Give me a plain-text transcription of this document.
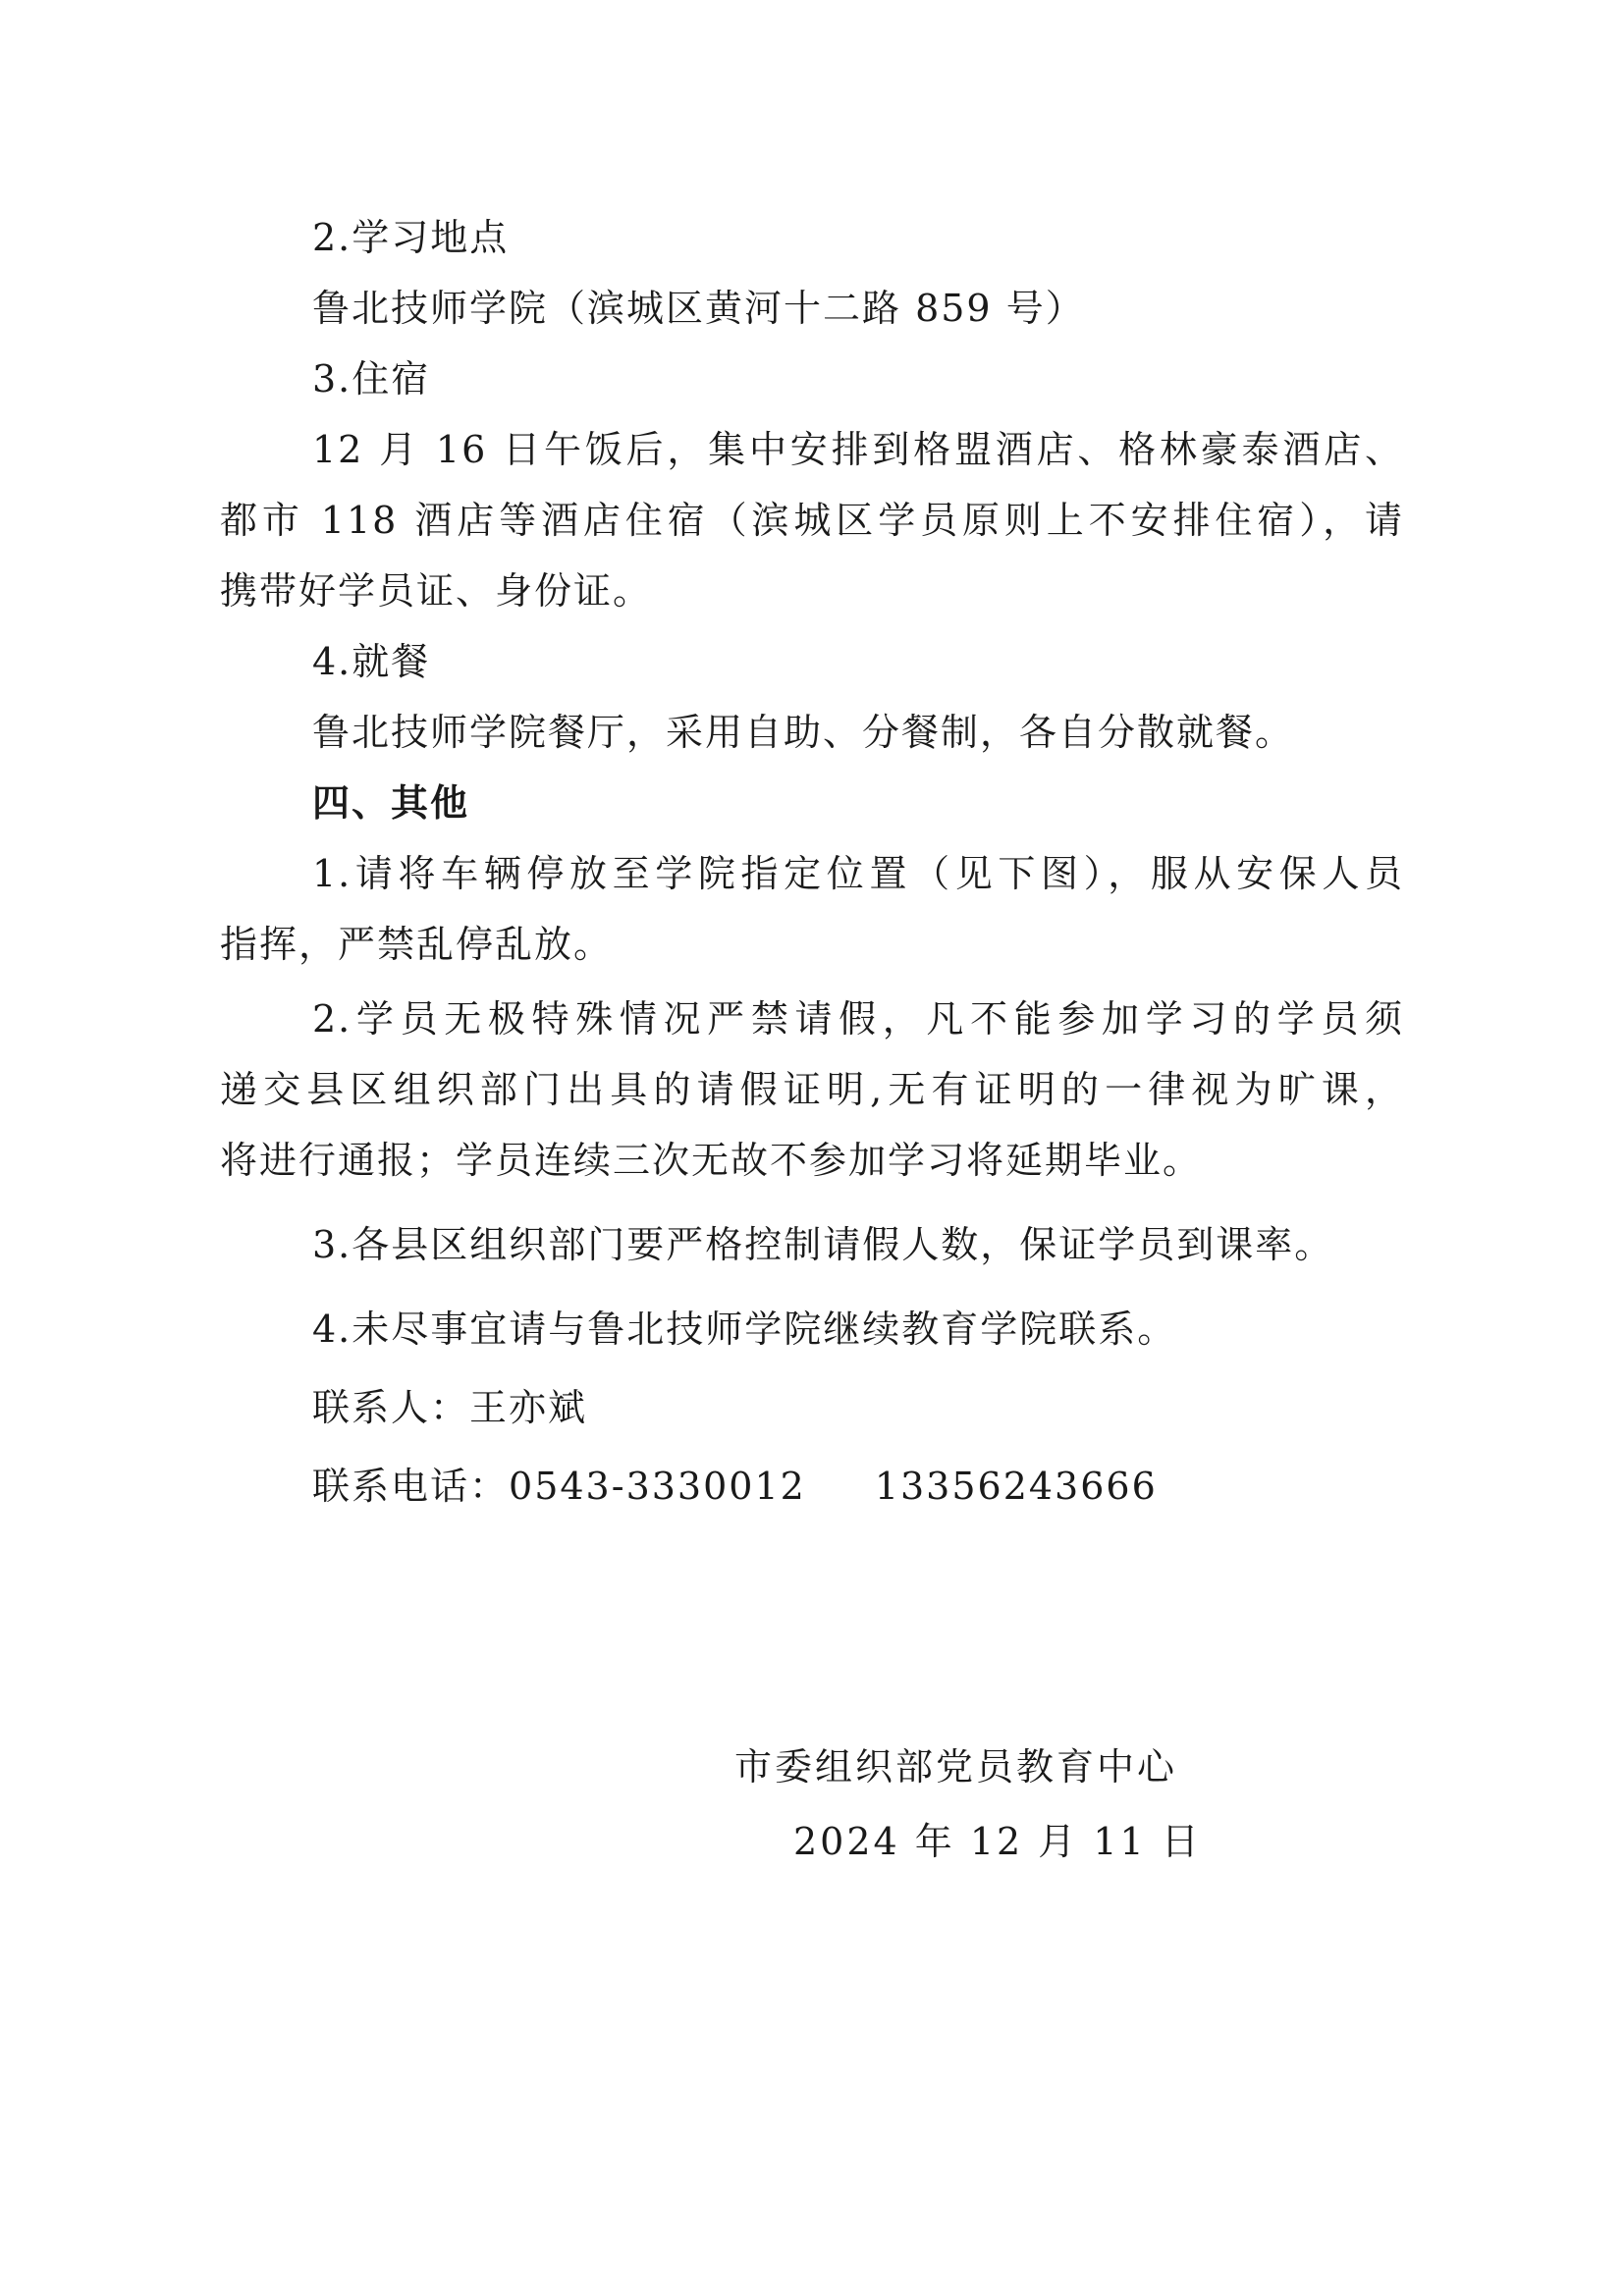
2.学习地点
鲁北技师学院（滨城区黄河十二路 859 号）
3.住宿
12 月 16 日午饭后，集中安排到格盟酒店、格林豪泰酒店、
都市 118 酒店等酒店住宿（滨城区学员原则上不安排住宿），请
携带好学员证、身份证。
4.就餐
鲁北技师学院餐厅，采用自助、分餐制，各自分散就餐。
四、其他
1.请将车辆停放至学院指定位置（见下图），服从安保人员
指挥，严禁乱停乱放。
2.学员无极特殊情况严禁请假，凡不能参加学习的学员须
递交县区组织部门出具的请假证明,无有证明的一律视为旷课，
将进行通报；学员连续三次无故不参加学习将延期毕业。
3.各县区组织部门要严格控制请假人数，保证学员到课率。
4.未尽事宜请与鲁北技师学院继续教育学院联系。
联系人：王亦斌
联系电话：0543-3330012 13356243666
市委组织部党员教育中心
2024 年 12 月 11 日
